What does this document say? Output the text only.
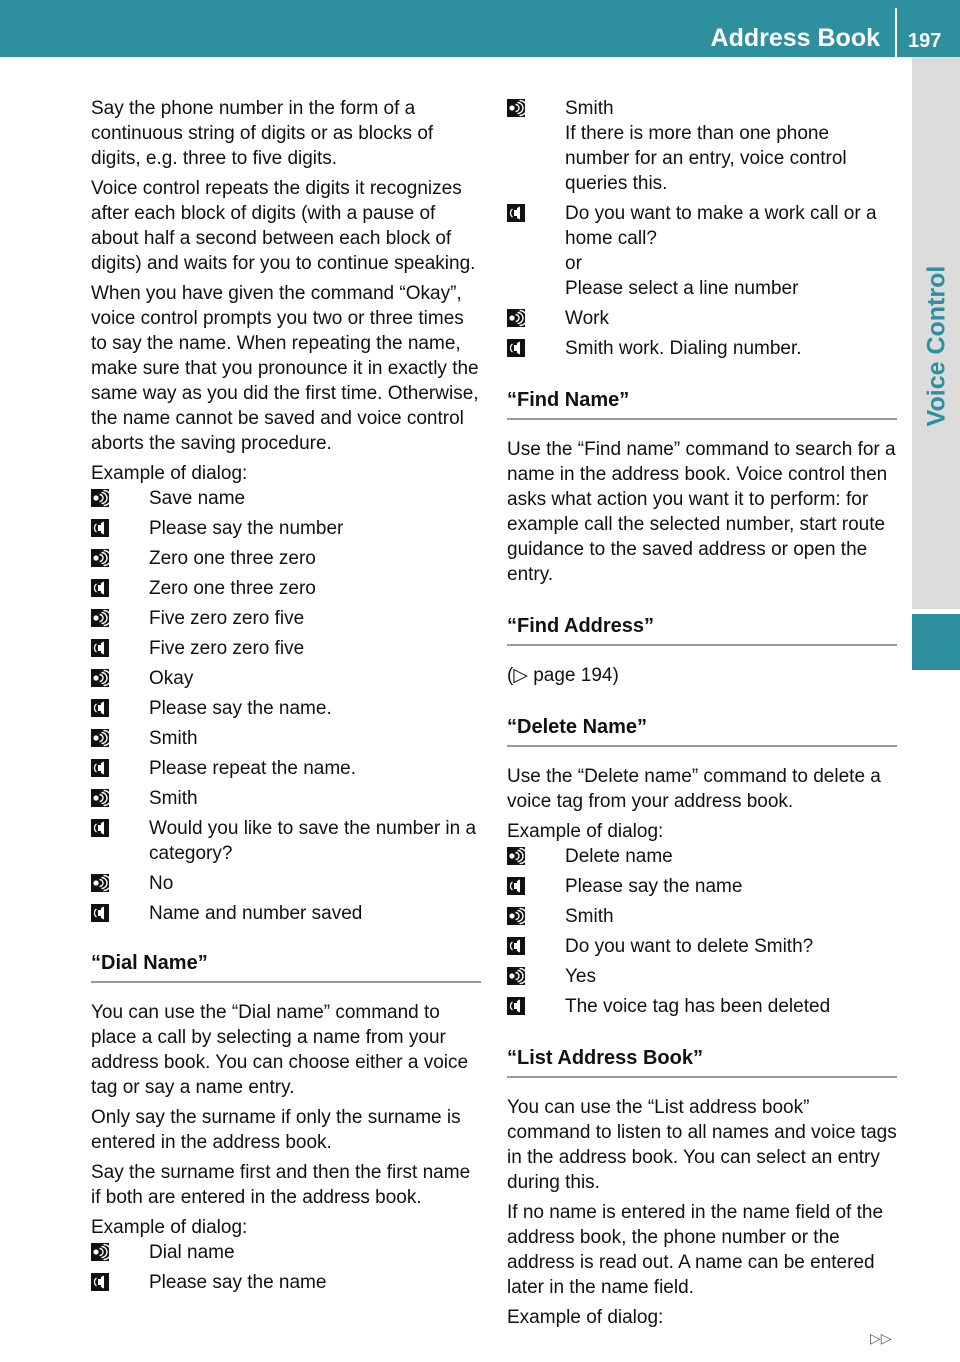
Address Book 197
Voice Control

Say the phone number in the form of a continuous string of digits or as blocks of digits, e.g. three to five digits.

Voice control repeats the digits it recognizes after each block of digits (with a pause of about half a second between each block of digits) and waits for you to continue speaking.

When you have given the command “Okay”, voice control prompts you two or three times to say the name. When repeating the name, make sure that you pronounce it in exactly the same way as you did the first time. Otherwise, the name cannot be saved and voice control aborts the saving procedure.

Example of dialog:

Save name
Please say the number
Zero one three zero
Zero one three zero
Five zero zero five
Five zero zero five
Okay
Please say the name.
Smith
Please repeat the name.
Smith
Would you like to save the number in a category?
No
Name and number saved
“Dial Name”

You can use the “Dial name” command to place a call by selecting a name from your address book. You can choose either a voice tag or say a name entry.

Only say the surname if only the surname is entered in the address book.

Say the surname first and then the first name if both are entered in the address book.

Example of dialog:

Dial name
Please say the name
Smith
If there is more than one phone number for an entry, voice control queries this.
Do you want to make a work call or a home call?
or
Please select a line number
Work
Smith work. Dialing number.
“Find Name”

Use the “Find name” command to search for a name in the address book. Voice control then asks what action you want it to perform: for example call the selected number, start route guidance to the saved address or open the entry.

“Find Address”

(▷ page 194)

“Delete Name”

Use the “Delete name” command to delete a voice tag from your address book.

Example of dialog:

Delete name
Please say the name
Smith
Do you want to delete Smith?
Yes
The voice tag has been deleted
“List Address Book”

You can use the “List address book” command to listen to all names and voice tags in the address book. You can select an entry during this.

If no name is entered in the name field of the address book, the phone number or the address is read out. A name can be entered later in the name field.

Example of dialog:

▷▷
